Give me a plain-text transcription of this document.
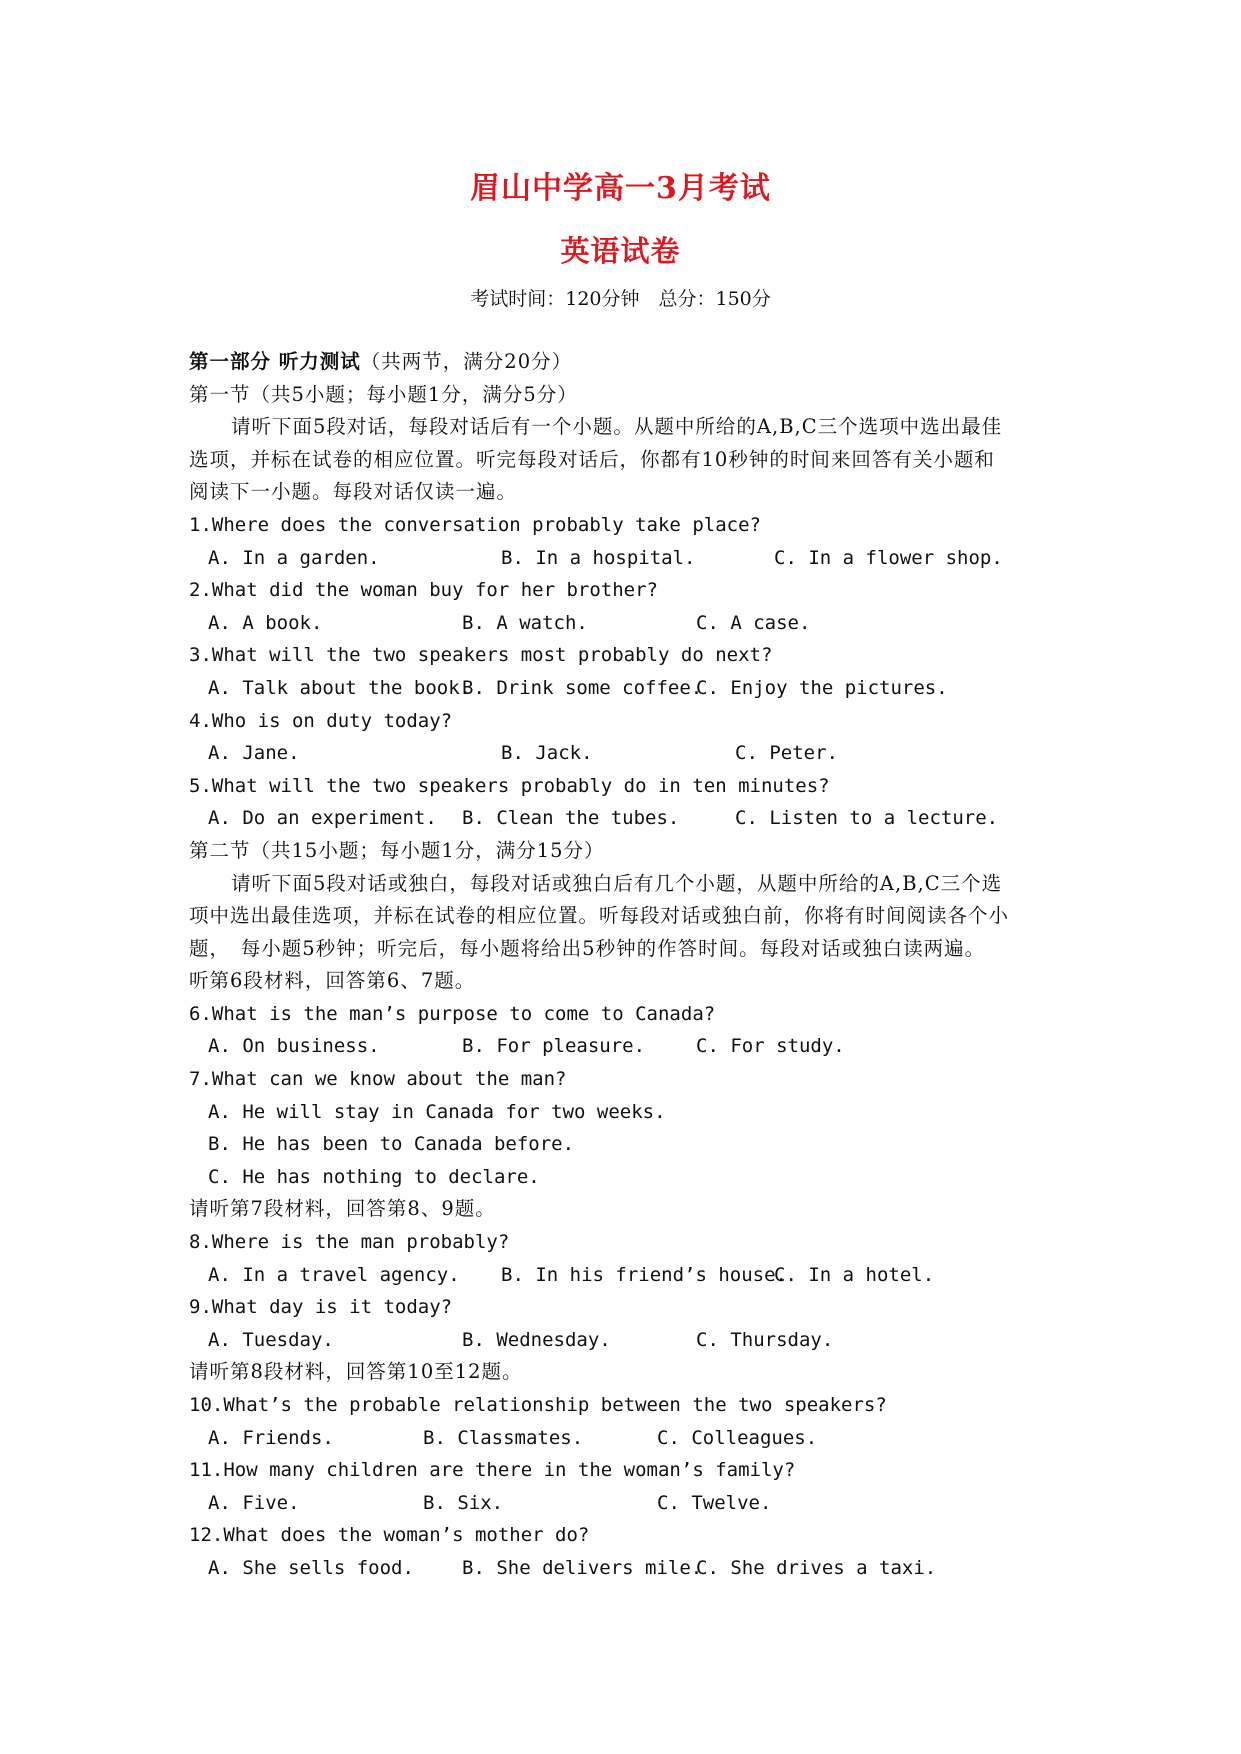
眉山中学高一3月考试
英语试卷
考试时间：120分钟　总分：150分
第一部分 听力测试（共两节，满分20分）
第一节（共5小题；每小题1分，满分5分）
请听下面5段对话，每段对话后有一个小题。从题中所给的A,B,C三个选项中选出最佳
选项，并标在试卷的相应位置。听完每段对话后，你都有10秒钟的时间来回答有关小题和
阅读下一小题。每段对话仅读一遍。
1.Where does the conversation probably take place?
A. In a garden.	B. In a hospital.	C. In a flower shop.
2.What did the woman buy for her brother?
A. A book.	B. A watch.	C. A case.
3.What will the two speakers most probably do next?
A. Talk about the book.
B. Drink some coffee.
C. Enjoy the pictures.
4.Who is on duty today?
A. Jane.	B. Jack.	C. Peter.
5.What will the two speakers probably do in ten minutes?
A. Do an experiment. B. Clean the tubes.	C. Listen to a lecture.
第二节（共15小题；每小题1分，满分15分）
请听下面5段对话或独白，每段对话或独白后有几个小题，从题中所给的A,B,C三个选
项中选出最佳选项，并标在试卷的相应位置。听每段对话或独白前，你将有时间阅读各个小
题，　每小题5秒钟；听完后，每小题将给出5秒钟的作答时间。每段对话或独白读两遍。
听第6段材料，回答第6、7题。
6.What is the man’s purpose to come to Canada?
A. On business.	B. For pleasure.	C. For study.
7.What can we know about the man?
A. He will stay in Canada for two weeks.
B. He has been to Canada before.
C. He has nothing to declare.
请听第7段材料，回答第8、9题。
8.Where is the man probably?
A. In a travel agency. B. In his friend’s house.
C. In a hotel.
9.What day is it today?
A. Tuesday.	B. Wednesday.	C. Thursday.
请听第8段材料，回答第10至12题。
10.What’s the probable relationship between the two speakers?
A. Friends.	B. Classmates.	C. Colleagues.
11.How many children are there in the woman’s family?
A. Five.	B. Six.	C. Twelve.
12.What does the woman’s mother do?
A. She sells food.	B. She delivers mile.
C. She drives a taxi.
